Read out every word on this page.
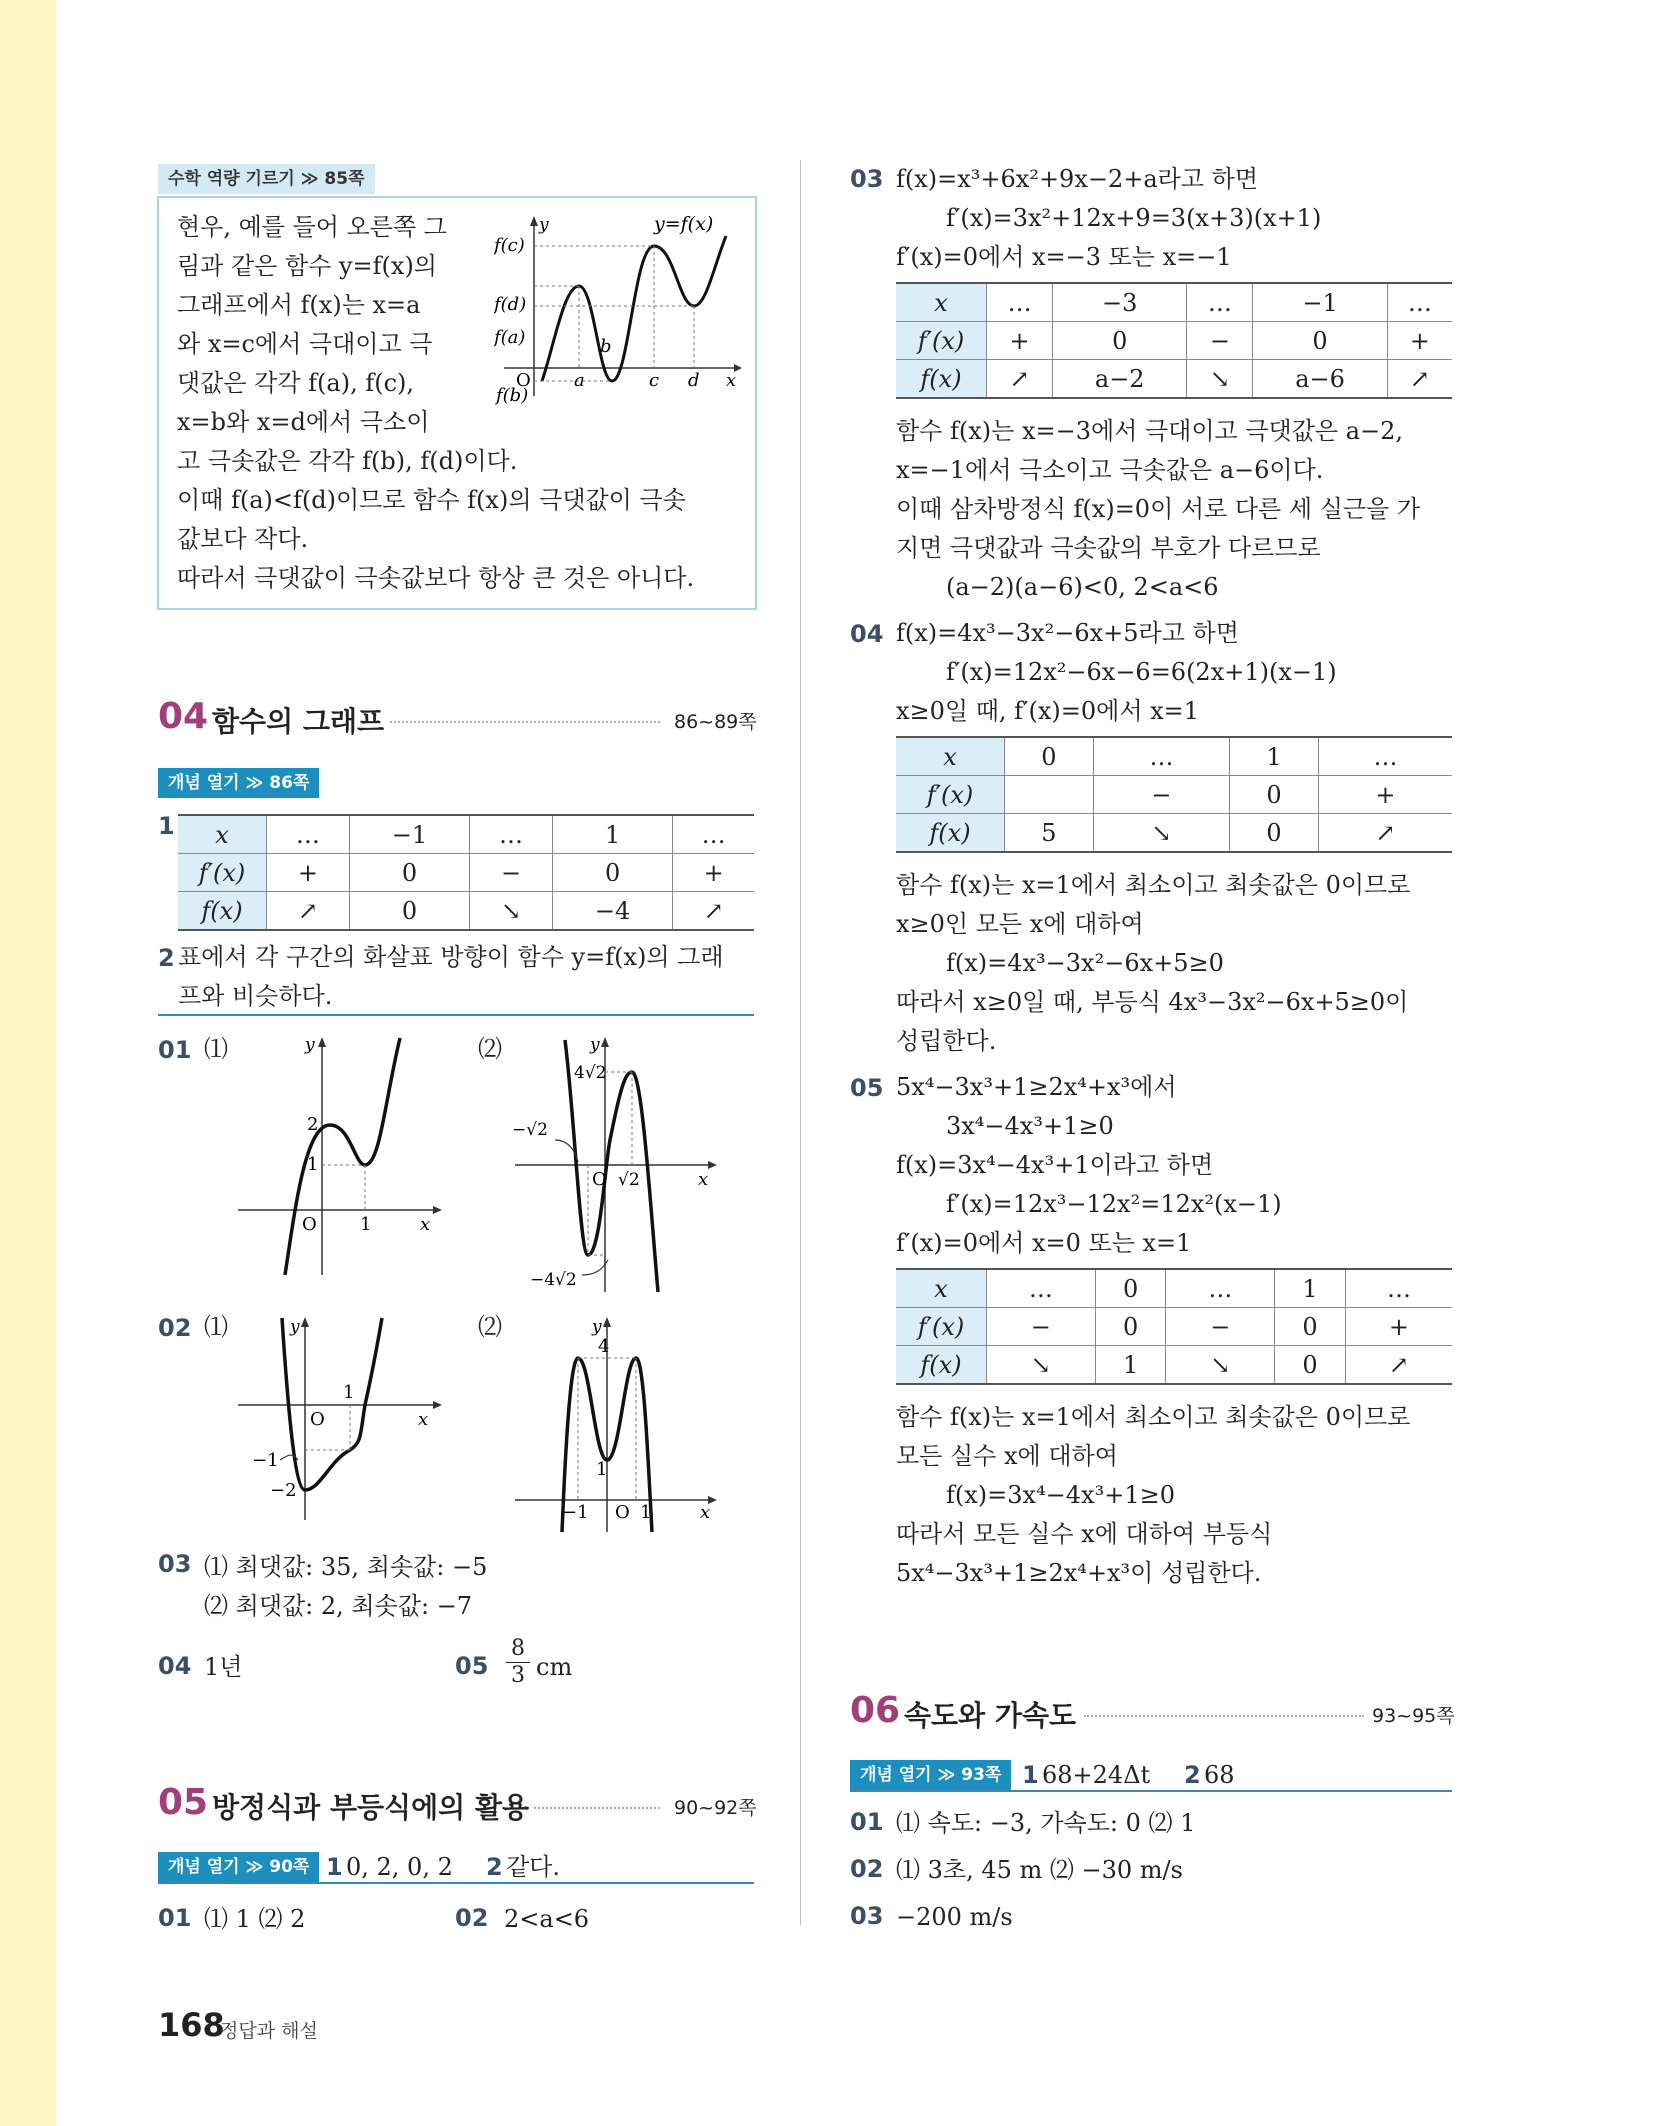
수학 역량 기르기 ≫ 85쪽
현우, 예를 들어 오른쪽 그
림과 같은 함수 y=f(x)의
그래프에서 f(x)는 x=a
와 x=c에서 극대이고 극
댓값은 각각 f(a), f(c),
x=b와 x=d에서 극소이
고 극솟값은 각각 f(b), f(d)이다.
이때 f(a)<f(d)이므로 함수 f(x)의 극댓값이 극솟
값보다 작다.
따라서 극댓값이 극솟값보다 항상 큰 것은 아니다.
y	y=f(x)
f(c)
f(d)
f(a)
f(b)
O a
b
c d x
04 함수의 그래프	86~89쪽
개념 열기 ≫ 86쪽
1 x	…	−1	…	1	…
f′(x)	+	0	−	0	+
f(x)	↗	0	↘	−4	↗
2 표에서 각 구간의 화살표 방향이 함수 y=f(x)의 그래
프와 비슷하다.
01 ⑴	⑵
y
2
1
O 1	x
y
4√2
−√2
O √2	x
−4√2
02 ⑴	⑵
y
1
O	x
−1
−2
y
4
1
−1 O 1	x
03 ⑴ 최댓값: 35, 최솟값: −5
⑵ 최댓값: 2, 최솟값: −7
04 1년	$05 \frac{8}{3}$ cm
05 방정식과 부등식에의 활용	90~92쪽
개념 열기 ≫ 90쪽 1 0, 2, 0, 2 2 같다.
01 ⑴ 1 ⑵ 2	02 2<a<6
168
정답과 해설
03 f(x)=x³+6x²+9x−2+a라고 하면
f′(x)=3x²+12x+9=3(x+3)(x+1)
f′(x)=0에서 x=−3 또는 x=−1
x	…	−3	…	−1	…
f′(x)	+	0	−	0	+
f(x)	↗	a−2	↘	a−6	↗
함수 f(x)는 x=−3에서 극대이고 극댓값은 a−2,
x=−1에서 극소이고 극솟값은 a−6이다.
이때 삼차방정식 f(x)=0이 서로 다른 세 실근을 가
지면 극댓값과 극솟값의 부호가 다르므로
(a−2)(a−6)<0, 2<a<6
04 f(x)=4x³−3x²−6x+5라고 하면
f′(x)=12x²−6x−6=6(2x+1)(x−1)
x≥0일 때, f′(x)=0에서 x=1
x	0	…	1	…
f′(x)		−	0	+
f(x)	5	↘	0	↗
함수 f(x)는 x=1에서 최소이고 최솟값은 0이므로
x≥0인 모든 x에 대하여
f(x)=4x³−3x²−6x+5≥0
따라서 x≥0일 때, 부등식 4x³−3x²−6x+5≥0이
성립한다.
05 5x⁴−3x³+1≥2x⁴+x³에서
3x⁴−4x³+1≥0
f(x)=3x⁴−4x³+1이라고 하면
f′(x)=12x³−12x²=12x²(x−1)
f′(x)=0에서 x=0 또는 x=1
x	…	0	…	1	…
f′(x)	−	0	−	0	+
f(x)	↘	1	↘	0	↗
함수 f(x)는 x=1에서 최소이고 최솟값은 0이므로
모든 실수 x에 대하여
f(x)=3x⁴−4x³+1≥0
따라서 모든 실수 x에 대하여 부등식
5x⁴−3x³+1≥2x⁴+x³이 성립한다.
06 속도와 가속도	93~95쪽
개념 열기 ≫ 93쪽 1 68+24Δt 2 68
01 ⑴ 속도: −3, 가속도: 0 ⑵ 1
02 ⑴ 3초, 45 m ⑵ −30 m/s
03 −200 m/s
